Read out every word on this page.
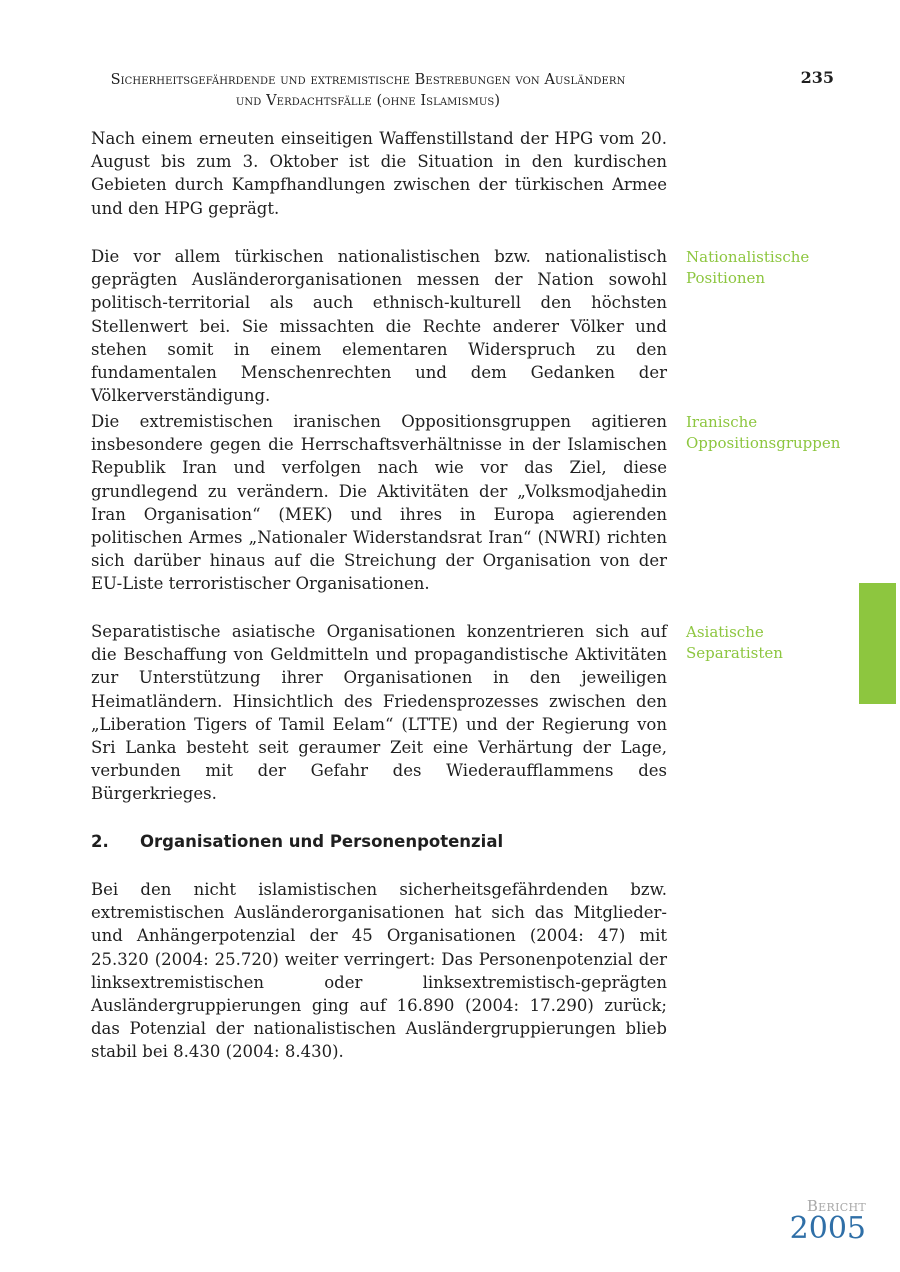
Sicherheitsgefährdende und extremistische Bestrebungen von Ausländern
und Verdachtsfälle (ohne Islamismus)
235

Nach einem erneuten einseitigen Waffenstillstand der HPG vom 20. August bis zum 3. Oktober ist die Situation in den kurdischen Gebieten durch Kampfhandlungen zwischen der türkischen Armee und den HPG geprägt.

Die vor allem türkischen nationalistischen bzw. nationalistisch geprägten Ausländerorganisationen messen der Nation sowohl politisch-territorial als auch ethnisch-kulturell den höchsten Stellenwert bei. Sie missachten die Rechte anderer Völker und stehen somit in einem elementaren Widerspruch zu den fundamentalen Menschenrechten und dem Gedanken der Völkerverständigung.

Nationalistische Positionen

Die extremistischen iranischen Oppositionsgruppen agitieren insbesondere gegen die Herrschaftsverhältnisse in der Islamischen Republik Iran und verfolgen nach wie vor das Ziel, diese grundlegend zu verändern. Die Aktivitäten der „Volksmodjahedin Iran Organisation“ (MEK) und ihres in Europa agierenden politischen Armes „Nationaler Widerstandsrat Iran“ (NWRI) richten sich darüber hinaus auf die Streichung der Organisation von der EU-Liste terroristischer Organisationen.

Iranische Oppositionsgruppen

Separatistische asiatische Organisationen konzentrieren sich auf die Beschaffung von Geldmitteln und propagandistische Aktivitäten zur Unterstützung ihrer Organisationen in den jeweiligen Heimatländern. Hinsichtlich des Friedensprozesses zwischen den „Liberation Tigers of Tamil Eelam“ (LTTE) und der Regierung von Sri Lanka besteht seit geraumer Zeit eine Verhärtung der Lage, verbunden mit der Gefahr des Wiederaufflammens des Bürgerkrieges.

Asiatische Separatisten

2. Organisationen und Personenpotenzial

Bei den nicht islamistischen sicherheitsgefährdenden bzw. extremistischen Ausländerorganisationen hat sich das Mitglieder- und Anhängerpotenzial der 45 Organisationen (2004: 47) mit 25.320 (2004: 25.720) weiter verringert: Das Personenpotenzial der linksextremistischen oder linksextremistisch-geprägten Ausländergruppierungen ging auf 16.890 (2004: 17.290) zurück; das Potenzial der nationalistischen Ausländergruppierungen blieb stabil bei 8.430 (2004: 8.430).

Bericht
2005
